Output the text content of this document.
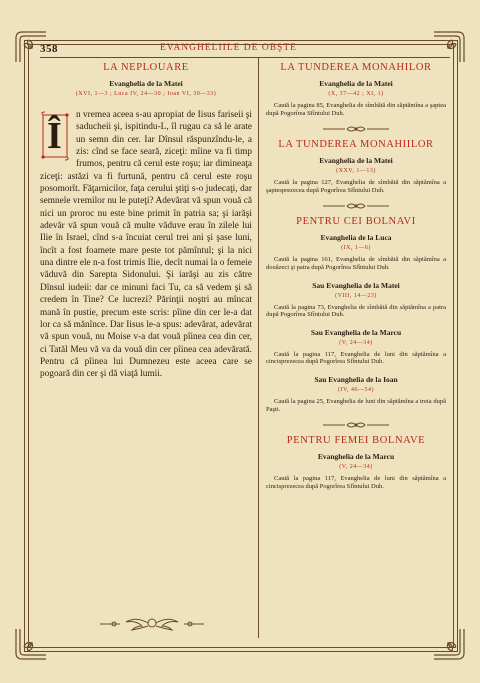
358	EVANGHELIILE DE OBŞTE

LA NEPLOUARE

Evanghelia de la Matei

(XVI, 1—3 ; Luca IV, 24—30 ; Ioan VI, 30—33)

Î n vremea aceea s-au apropiat de Iisus fariseii şi saducheii şi, ispitindu-L, îl rugau ca să le arate un semn din cer. Iar Dînsul răspunzîndu-le, a zis: cînd se face seară, ziceţi: mîine va fi timp frumos, pentru că cerul este roşu; iar dimineaţa ziceţi: astăzi va fi furtună, pentru că cerul este roşu posomorît. Făţarnicilor, faţa cerului ştiţi s-o judecaţi, dar semnele vremilor nu le puteţi? Adevărat vă spun vouă că nici un proroc nu este bine primit în patria sa; şi iarăşi adevăr vă spun vouă că multe văduve erau în zilele lui Ilie în Israel, cînd s-a încuiat cerul trei ani şi şase luni, încît a fost foamete mare peste tot pămîntul; şi la nici una dintre ele n-a fost trimis Ilie, decît numai la o femeie văduvă din Sarepta Sidonului. Şi iarăşi au zis către Dînsul iudeii: dar ce minuni faci Tu, ca să vedem şi să credem în Tine? Ce lucrezi? Părinţii noştri au mîncat mană în pustie, precum este scris: pîine din cer le-a dat lor ca să mănînce. Dar Iisus le-a spus: adevărat, adevărat vă spun vouă, nu Moise v-a dat vouă pîinea cea din cer, ci Tatăl Meu vă va da vouă din cer pîinea cea adevărată. Pentru că pîinea lui Dumnezeu este aceea care se pogoară din cer şi dă viaţă lumii.

LA TUNDEREA MONAHILOR

Evanghelia de la Matei

(X, 37—42 ; XI, 1)

Caută la pagina 85, Evanghelia de sîmbătă din săptămîna a şaptea după Pogorîrea Sfîntului Duh.

LA TUNDEREA MONAHIILOR

Evanghelia de la Matei

(XXV, 1—13)

Caută la pagina 127, Evanghelia de sîmbătă din săptămîna a şaptesprezecea după Pogorîrea Sfîntului Duh.

PENTRU CEI BOLNAVI

Evanghelia de la Luca

(IX, 1—6)

Caută la pagina 161, Evanghelia de sîmbătă din săptămîna a douăzeci şi patra după Pogorîrea Sfîntului Duh.

Sau Evanghelia de la Matei

(VIII, 14—23)

Caută la pagina 73, Evanghelia de sîmbătă din săptămîna a patra după Pogorîrea Sfîntului Duh.

Sau Evanghelia de la Marcu

(V, 24—34)

Caută la pagina 117, Evanghelia de luni din săptămîna a cincisprezecea după Pogorîrea Sfîntului Duh.

Sau Evanghelia de la Ioan

(IV, 46—54)

Caută la pagina 25, Evanghelia de luni din săptămîna a treia după Paşti.

PENTRU FEMEI BOLNAVE

Evanghelia de la Marcu

(V, 24—34)

Caută la pagina 117, Evanghelia de luni din săptămîna a cincisprezecea după Pogorîrea Sfîntului Duh.
